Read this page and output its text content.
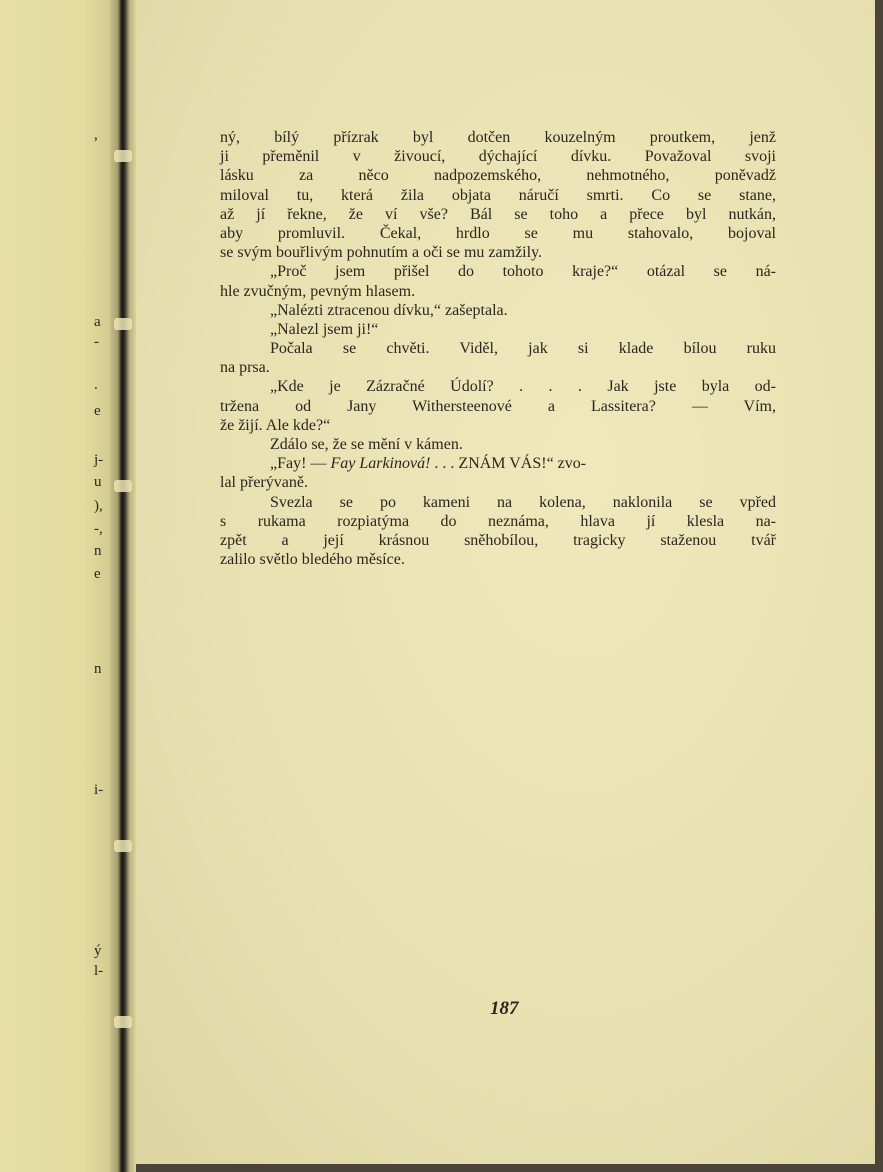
,
a
-
.
e
j-
u
),
-,
n
e
n
i-
ý
l-
ný, bílý přízrak byl dotčen kouzelným proutkem, jenž
ji přeměnil v živoucí, dýchající dívku. Považoval svoji
lásku za něco nadpozemského, nehmotného, poněvadž
miloval tu, která žila objata náručí smrti. Co se stane,
až jí řekne, že ví vše? Bál se toho a přece byl nutkán,
aby promluvil. Čekal, hrdlo se mu stahovalo, bojoval
se svým bouřlivým pohnutím a oči se mu zamžily.
„Proč jsem přišel do tohoto kraje?“ otázal se ná-
hle zvučným, pevným hlasem.
„Nalézti ztracenou dívku,“ zašeptala.
„Nalezl jsem ji!“
Počala se chvěti. Viděl, jak si klade bílou ruku
na prsa.
„Kde je Zázračné Údolí? . . . Jak jste byla od-
tržena od Jany Withersteenové a Lassitera? — Vím,
že žijí. Ale kde?“
Zdálo se, že se mění v kámen.
„Fay! — Fay Larkinová! . . . ZNÁM VÁS!“ zvo-
lal přerývaně.
Svezla se po kameni na kolena, naklonila se vpřed
s rukama rozpiatýma do neznáma, hlava jí klesla na-
zpět a její krásnou sněhobílou, tragicky staženou tvář
zalilo světlo bledého měsíce.
187
